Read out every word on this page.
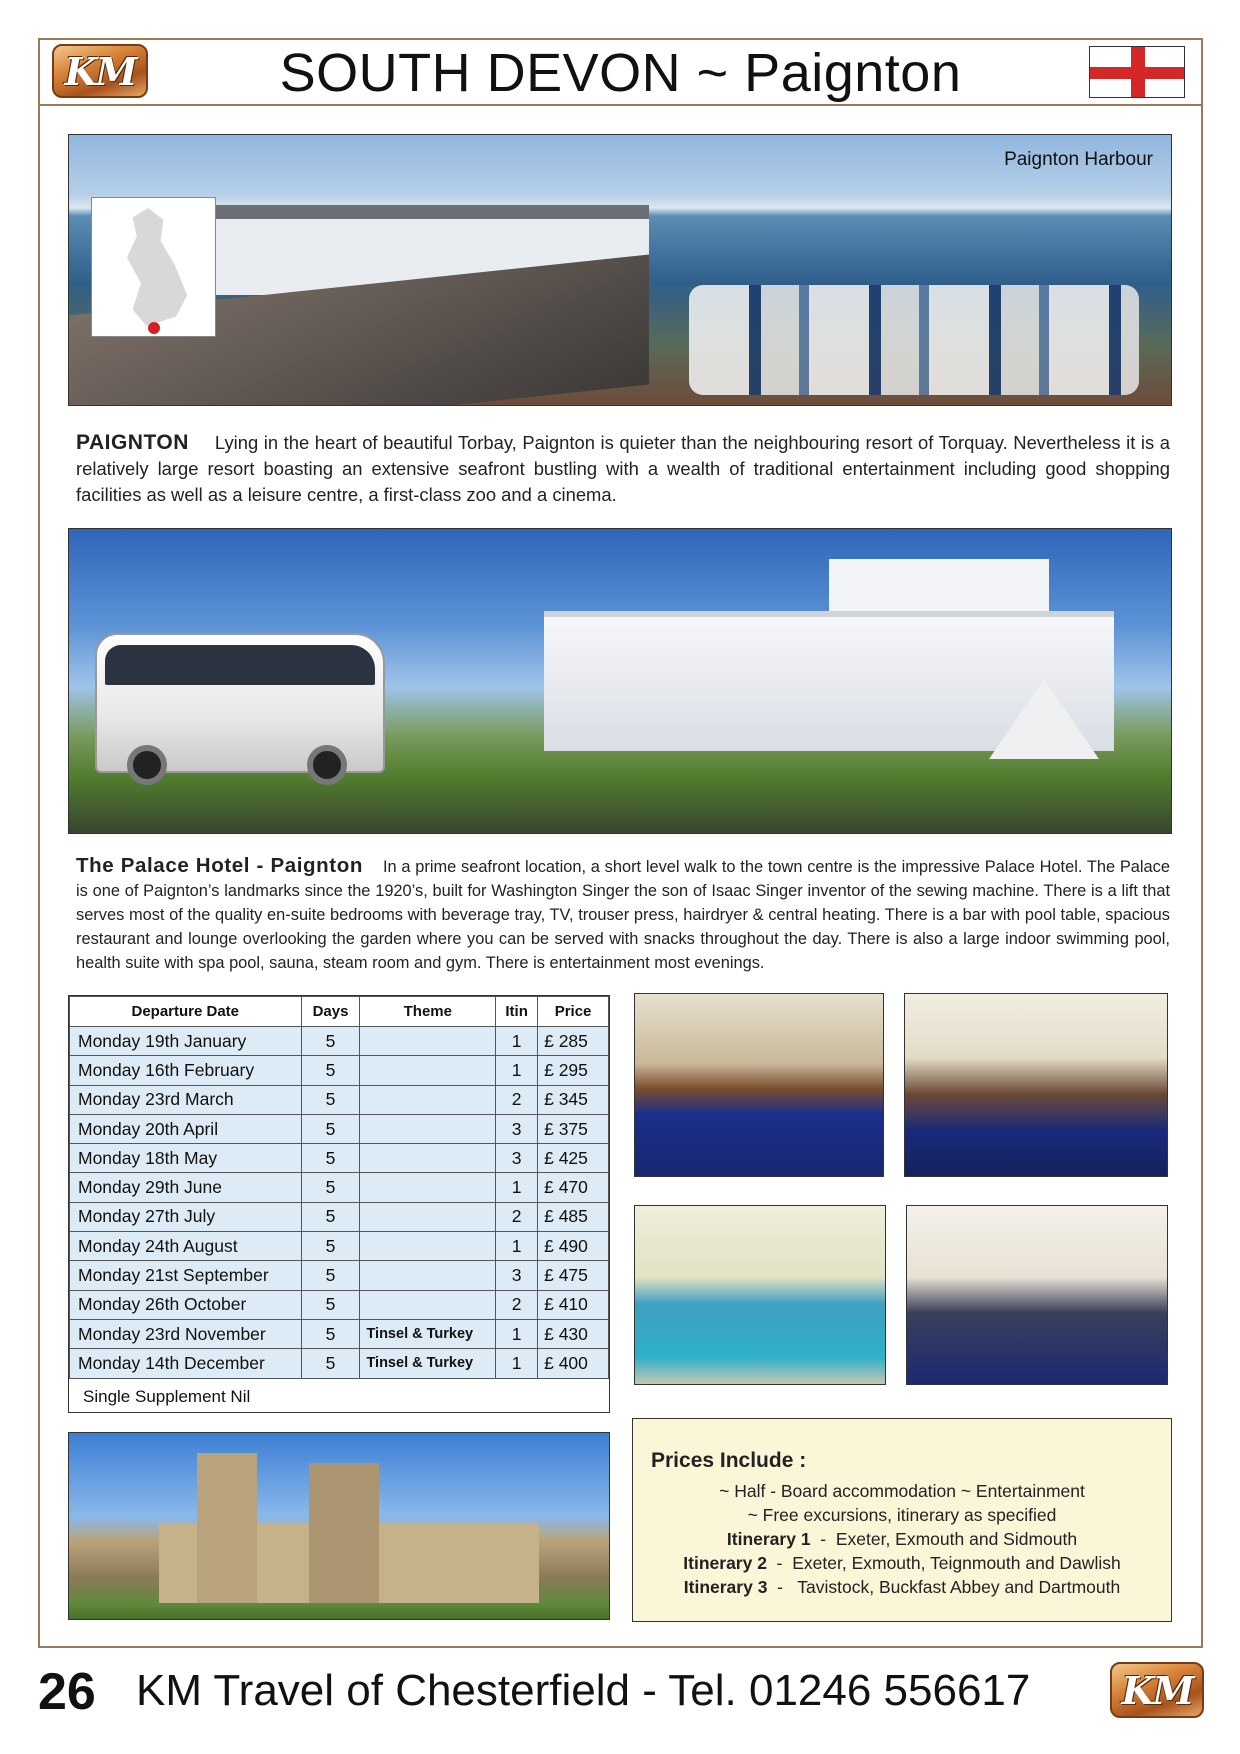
KM	SOUTH DEVON ~ Paignton
Paignton Harbour
PAIGNTON Lying in the heart of beautiful Torbay, Paignton is quieter than the neighbouring resort of Torquay. Nevertheless it is a relatively large resort boasting an extensive seafront bustling with a wealth of traditional entertainment including good shopping facilities as well as a leisure centre, a first-class zoo and a cinema.
The Palace Hotel - Paignton In a prime seafront location, a short level walk to the town centre is the impressive Palace Hotel. The Palace is one of Paignton’s landmarks since the 1920’s, built for Washington Singer the son of Isaac Singer inventor of the sewing machine. There is a lift that serves most of the quality en-suite bedrooms with beverage tray, TV, trouser press, hairdryer & central heating. There is a bar with pool table, spacious restaurant and lounge overlooking the garden where you can be served with snacks throughout the day. There is also a large indoor swimming pool, health suite with spa pool, sauna, steam room and gym. There is entertainment most evenings.
Departure Date	Days	Theme	Itin	Price
Monday 19th January	5		1	£ 285
Monday 16th February	5		1	£ 295
Monday 23rd March	5		2	£ 345
Monday 20th April	5		3	£ 375
Monday 18th May	5		3	£ 425
Monday 29th June	5		1	£ 470
Monday 27th July	5		2	£ 485
Monday 24th August	5		1	£ 490
Monday 21st September	5		3	£ 475
Monday 26th October	5		2	£ 410
Monday 23rd November	5	Tinsel & Turkey	1	£ 430
Monday 14th December	5	Tinsel & Turkey	1	£ 400
Single Supplement Nil
Prices Include :
~ Half - Board accommodation ~ Entertainment
~ Free excursions, itinerary as specified
Itinerary 1 - Exeter, Exmouth and Sidmouth
Itinerary 2 - Exeter, Exmouth, Teignmouth and Dawlish
Itinerary 3 - Tavistock, Buckfast Abbey and Dartmouth
26 KM Travel of Chesterfield - Tel. 01246 556617 KM
